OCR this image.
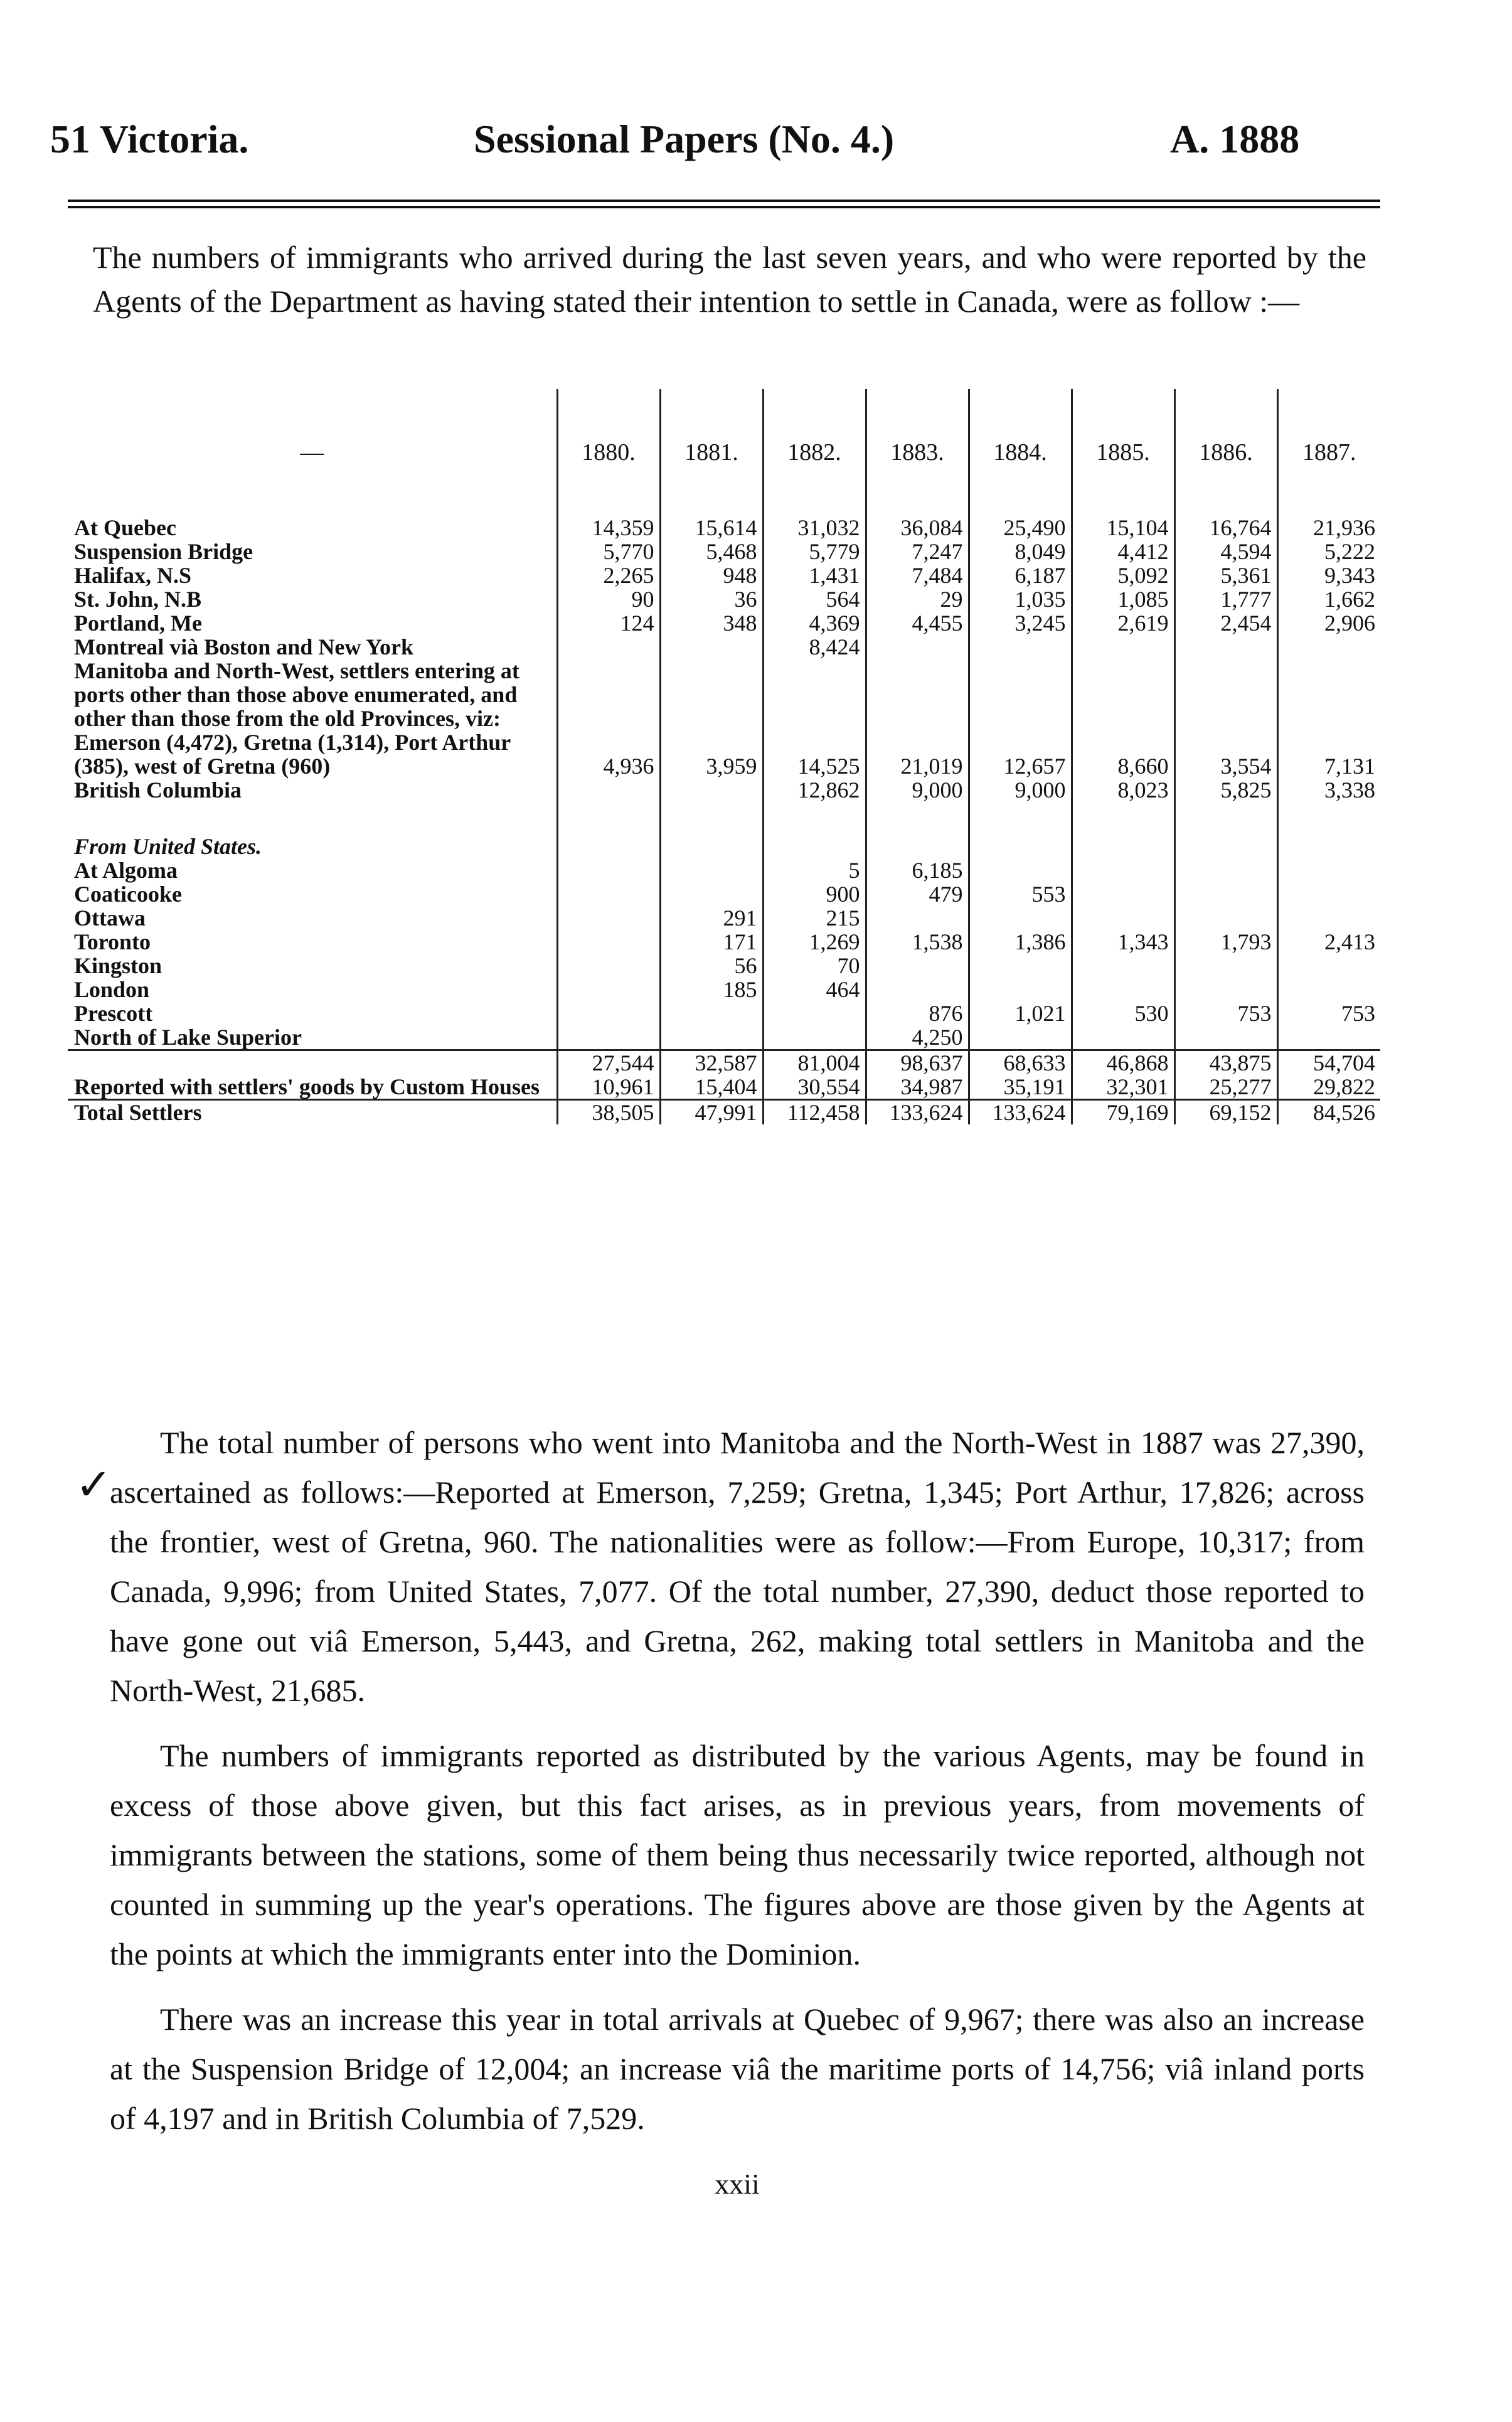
51 Victoria.	Sessional Papers (No. 4.)	A. 1888

The numbers of immigrants who arrived during the last seven years, and who were reported by the Agents of the Department as having stated their intention to settle in Canada, were as follow :—

—	1880.	1881.	1882.	1883.	1884.	1885.	1886.	1887.
At Quebec	14,359	15,614	31,032	36,084	25,490	15,104	16,764	21,936
Suspension Bridge	5,770	5,468	5,779	7,247	8,049	4,412	4,594	5,222
Halifax, N.S	2,265	948	1,431	7,484	6,187	5,092	5,361	9,343
St. John, N.B	90	36	564	29	1,035	1,085	1,777	1,662
Portland, Me	124	348	4,369	4,455	3,245	2,619	2,454	2,906
Montreal vià Boston and New York			8,424					
Manitoba and North-West, settlers entering at ports other than those above enumerated, and other than those from the old Provinces, viz: Emerson (4,472), Gretna (1,314), Port Arthur (385), west of Gretna (960)	4,936	3,959	14,525	21,019	12,657	8,660	3,554	7,131
British Columbia			12,862	9,000	9,000	8,023	5,825	3,338
From United States.								
At Algoma			5	6,185				
Coaticooke			900	479	553			
Ottawa		291	215					
Toronto		171	1,269	1,538	1,386	1,343	1,793	2,413
Kingston		56	70					
London		185	464					
Prescott				876	1,021	530	753	753
North of Lake Superior				4,250				
	27,544	32,587	81,004	98,637	68,633	46,868	43,875	54,704
Reported with settlers' goods by Custom Houses	10,961	15,404	30,554	34,987	35,191	32,301	25,277	29,822
Total Settlers	38,505	47,991	112,458	133,624	133,624	79,169	69,152	84,526
✓

The total number of persons who went into Manitoba and the North-West in 1887 was 27,390, ascertained as follows:—Reported at Emerson, 7,259; Gretna, 1,345; Port Arthur, 17,826; across the frontier, west of Gretna, 960. The nationalities were as follow:—From Europe, 10,317; from Canada, 9,996; from United States, 7,077. Of the total number, 27,390, deduct those reported to have gone out viâ Emerson, 5,443, and Gretna, 262, making total settlers in Manitoba and the North-West, 21,685.

The numbers of immigrants reported as distributed by the various Agents, may be found in excess of those above given, but this fact arises, as in previous years, from movements of immigrants between the stations, some of them being thus necessarily twice reported, although not counted in summing up the year's operations. The figures above are those given by the Agents at the points at which the immigrants enter into the Dominion.

There was an increase this year in total arrivals at Quebec of 9,967; there was also an increase at the Suspension Bridge of 12,004; an increase viâ the maritime ports of 14,756; viâ inland ports of 4,197 and in British Columbia of 7,529.

xxii
